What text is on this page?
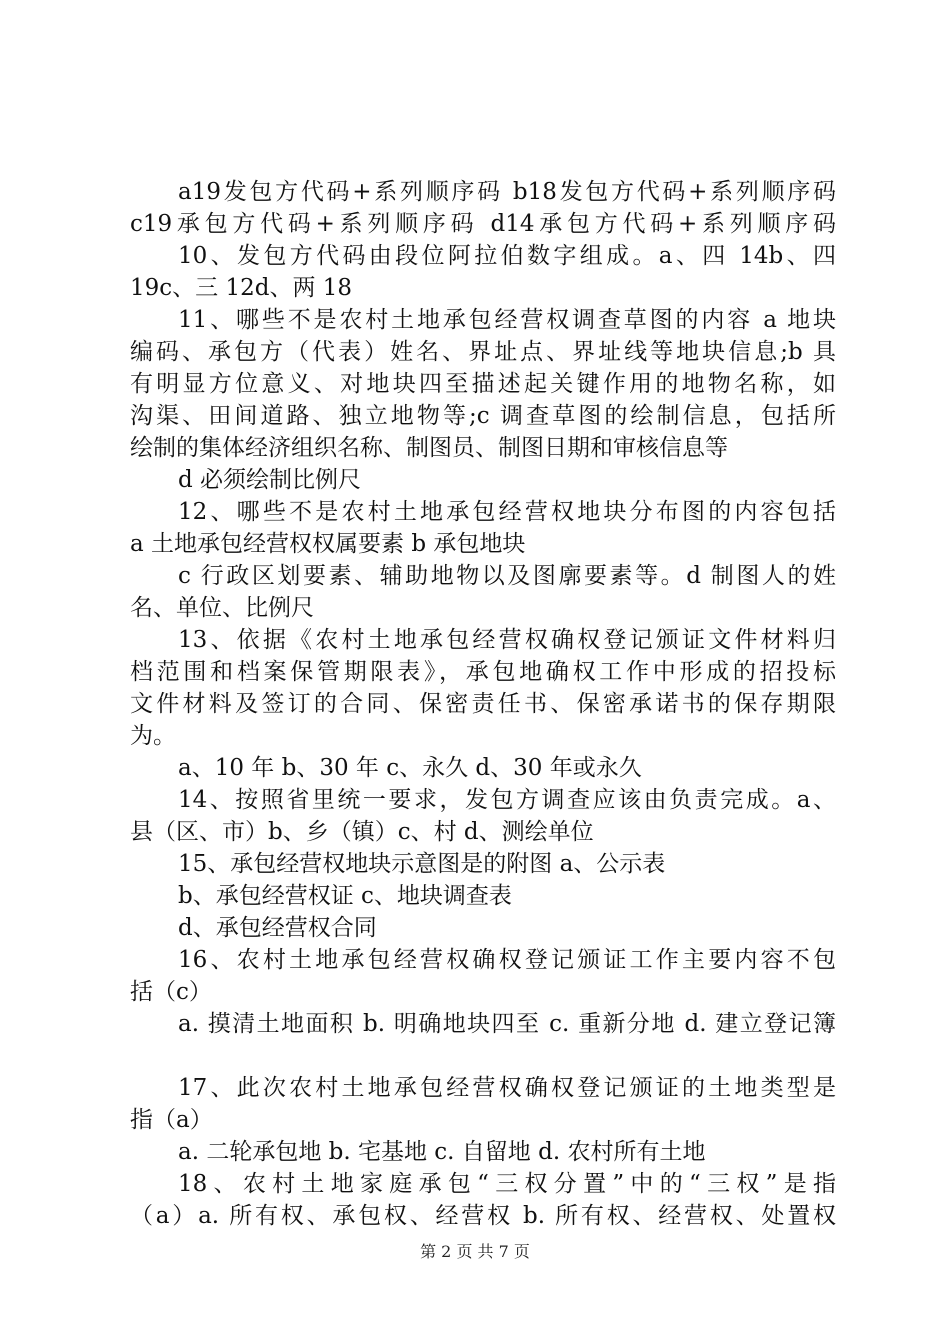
a19发包方代码+系列顺序码 b18发包方代码+系列顺序码
c19承包方代码+系列顺序码 d14承包方代码+系列顺序码
10、发包方代码由段位阿拉伯数字组成。a、四 14b、四
19c、三 12d、两 18
11、哪些不是农村土地承包经营权调查草图的内容 a 地块
编码、承包方（代表）姓名、界址点、界址线等地块信息;b 具
有明显方位意义、对地块四至描述起关键作用的地物名称，如
沟渠、田间道路、独立地物等;c 调查草图的绘制信息，包括所
绘制的集体经济组织名称、制图员、制图日期和审核信息等
d 必须绘制比例尺
12、哪些不是农村土地承包经营权地块分布图的内容包括
a 土地承包经营权权属要素 b 承包地块
c 行政区划要素、辅助地物以及图廓要素等。d 制图人的姓
名、单位、比例尺
13、依据《农村土地承包经营权确权登记颁证文件材料归
档范围和档案保管期限表》，承包地确权工作中形成的招投标
文件材料及签订的合同、保密责任书、保密承诺书的保存期限
为。
a、10 年 b、30 年 c、永久 d、30 年或永久
14、按照省里统一要求，发包方调查应该由负责完成。a、
县（区、市）b、乡（镇）c、村 d、测绘单位
15、承包经营权地块示意图是的附图 a、公示表
b、承包经营权证 c、地块调查表
d、承包经营权合同
16、农村土地承包经营权确权登记颁证工作主要内容不包
括（c）
a. 摸清土地面积 b. 明确地块四至 c. 重新分地 d. 建立登记簿
17、此次农村土地承包经营权确权登记颁证的土地类型是
指（a）
a. 二轮承包地 b. 宅基地 c. 自留地 d. 农村所有土地
18、农村土地家庭承包“三权分置”中的“三权”是指
（a）a. 所有权、承包权、经营权 b. 所有权、经营权、处置权
第 2 页 共 7 页
